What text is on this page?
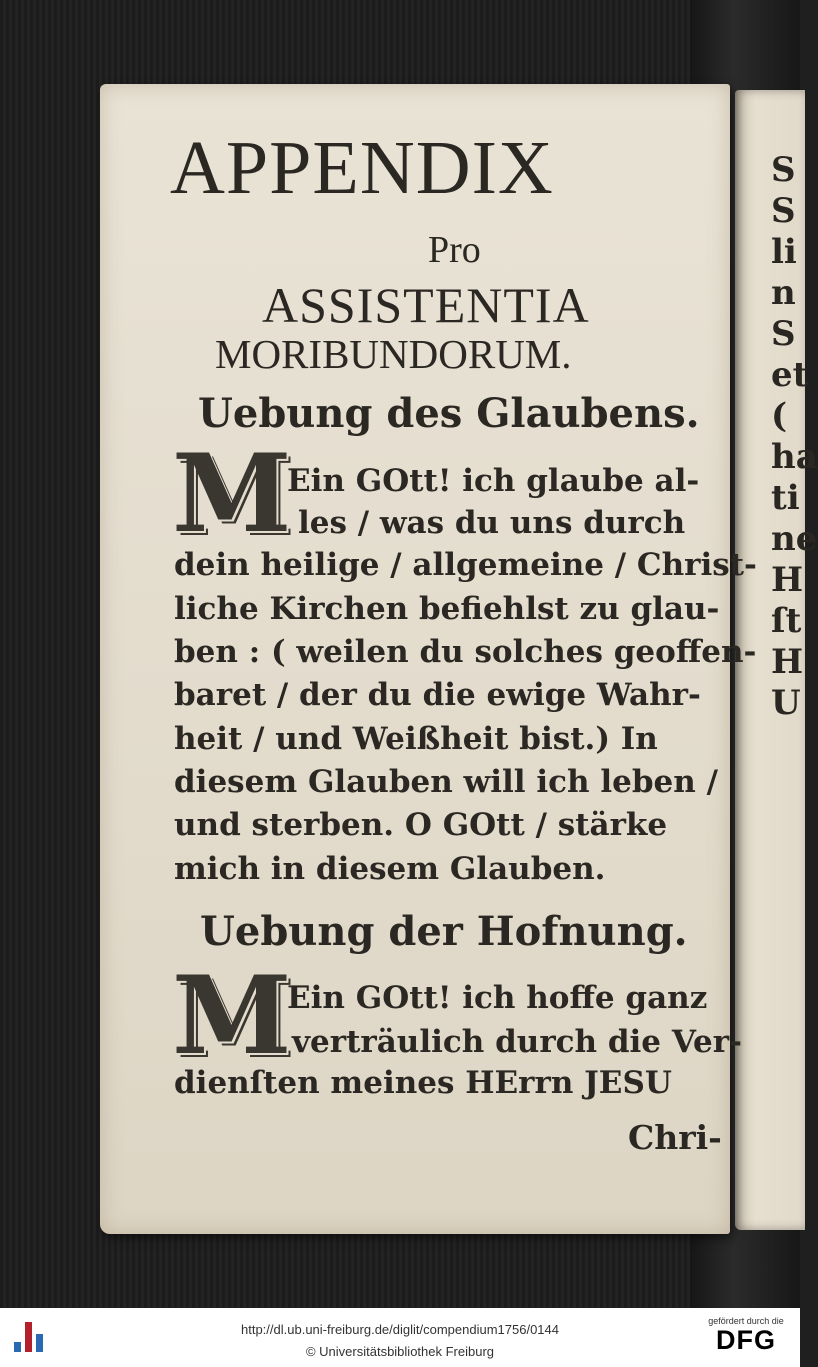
S
S
li
n
S
et
(
ha
ti
ne
H
ſt
H
U
APPENDIX
Pro
ASSISTENTIA
MORIBUNDORUM.
Uebung des Glaubens.
M
Ein GOtt! ich glaube al-
les / was du uns durch
dein heilige / allgemeine / Christ-
liche Kirchen befiehlst zu glau-
ben : ( weilen du solches geoffen-
baret / der du die ewige Wahr-
heit / und Weißheit bist.) In
diesem Glauben will ich leben /
und sterben. O GOtt / stärke
mich in diesem Glauben.
Uebung der Hofnung.
M
Ein GOtt! ich hoffe ganz
verträulich durch die Ver-
dienſten meines HErrn JESU
Chri-
http://dl.ub.uni-freiburg.de/diglit/compendium1756/0144
© Universitätsbibliothek Freiburg
gefördert durch die
DFG
